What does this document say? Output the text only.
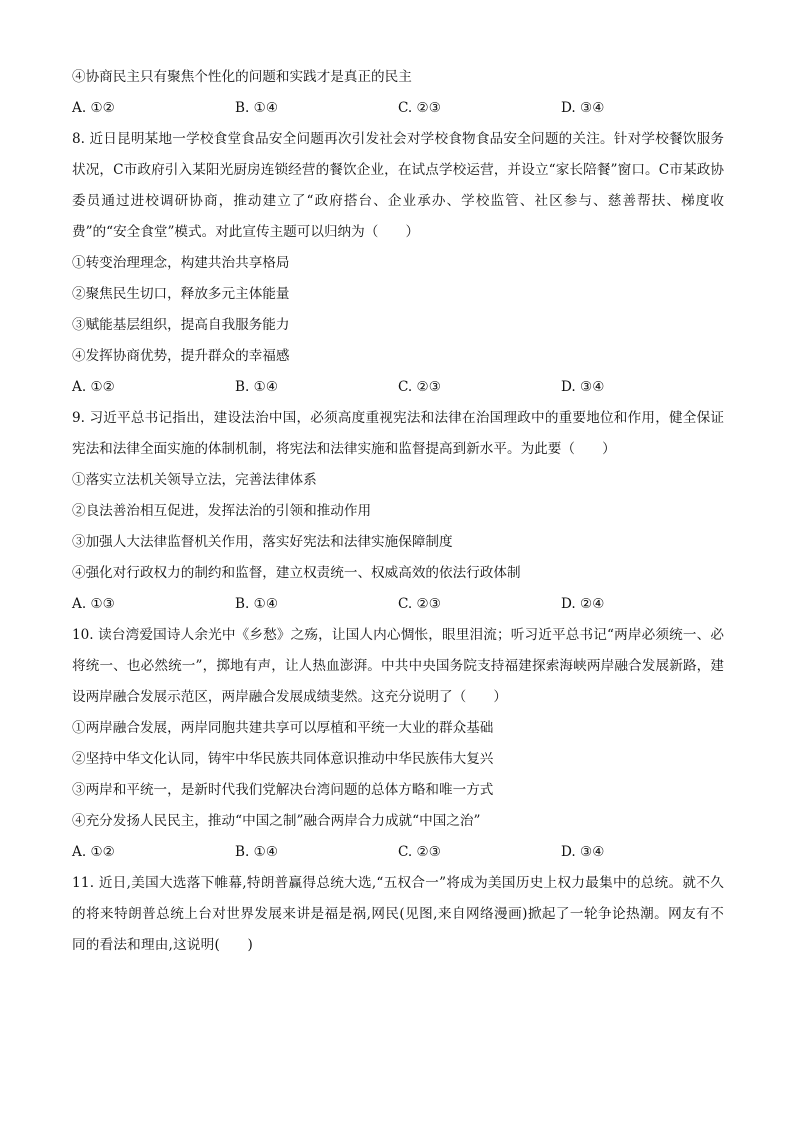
④协商民主只有聚焦个性化的问题和实践才是真正的民主
A. ①②	B. ①④	C. ②③	D. ③④
8. 近日昆明某地一学校食堂食品安全问题再次引发社会对学校食物食品安全问题的关注。针对学校餐饮服务状况，C市政府引入某阳光厨房连锁经营的餐饮企业，在试点学校运营，并设立“家长陪餐”窗口。C市某政协委员通过进校调研协商，推动建立了“政府搭台、企业承办、学校监管、社区参与、慈善帮扶、梯度收费”的“安全食堂”模式。对此宣传主题可以归纳为（　　）
①转变治理理念，构建共治共享格局
②聚焦民生切口，释放多元主体能量
③赋能基层组织，提高自我服务能力
④发挥协商优势，提升群众的幸福感
A. ①②	B. ①④	C. ②③	D. ③④
9. 习近平总书记指出，建设法治中国，必须高度重视宪法和法律在治国理政中的重要地位和作用，健全保证宪法和法律全面实施的体制机制，将宪法和法律实施和监督提高到新水平。为此要（　　）
①落实立法机关领导立法，完善法律体系
②良法善治相互促进，发挥法治的引领和推动作用
③加强人大法律监督机关作用，落实好宪法和法律实施保障制度
④强化对行政权力的制约和监督，建立权责统一、权威高效的依法行政体制
A. ①③	B. ①④	C. ②③	D. ②④
10. 读台湾爱国诗人余光中《乡愁》之殇，让国人内心惆怅，眼里泪流；听习近平总书记“两岸必须统一、必将统一、也必然统一”，掷地有声，让人热血澎湃。中共中央国务院支持福建探索海峡两岸融合发展新路，建设两岸融合发展示范区，两岸融合发展成绩斐然。这充分说明了（　　）
①两岸融合发展，两岸同胞共建共享可以厚植和平统一大业的群众基础
②坚持中华文化认同，铸牢中华民族共同体意识推动中华民族伟大复兴
③两岸和平统一，是新时代我们党解决台湾问题的总体方略和唯一方式
④充分发扬人民民主，推动“中国之制”融合两岸合力成就“中国之治”
A. ①②	B. ①④	C. ②③	D. ③④
11. 近日,美国大选落下帷幕,特朗普赢得总统大选,“五权合一”将成为美国历史上权力最集中的总统。就不久的将来特朗普总统上台对世界发展来讲是福是祸,网民(见图,来自网络漫画)掀起了一轮争论热潮。网友有不同的看法和理由,这说明(　　)
